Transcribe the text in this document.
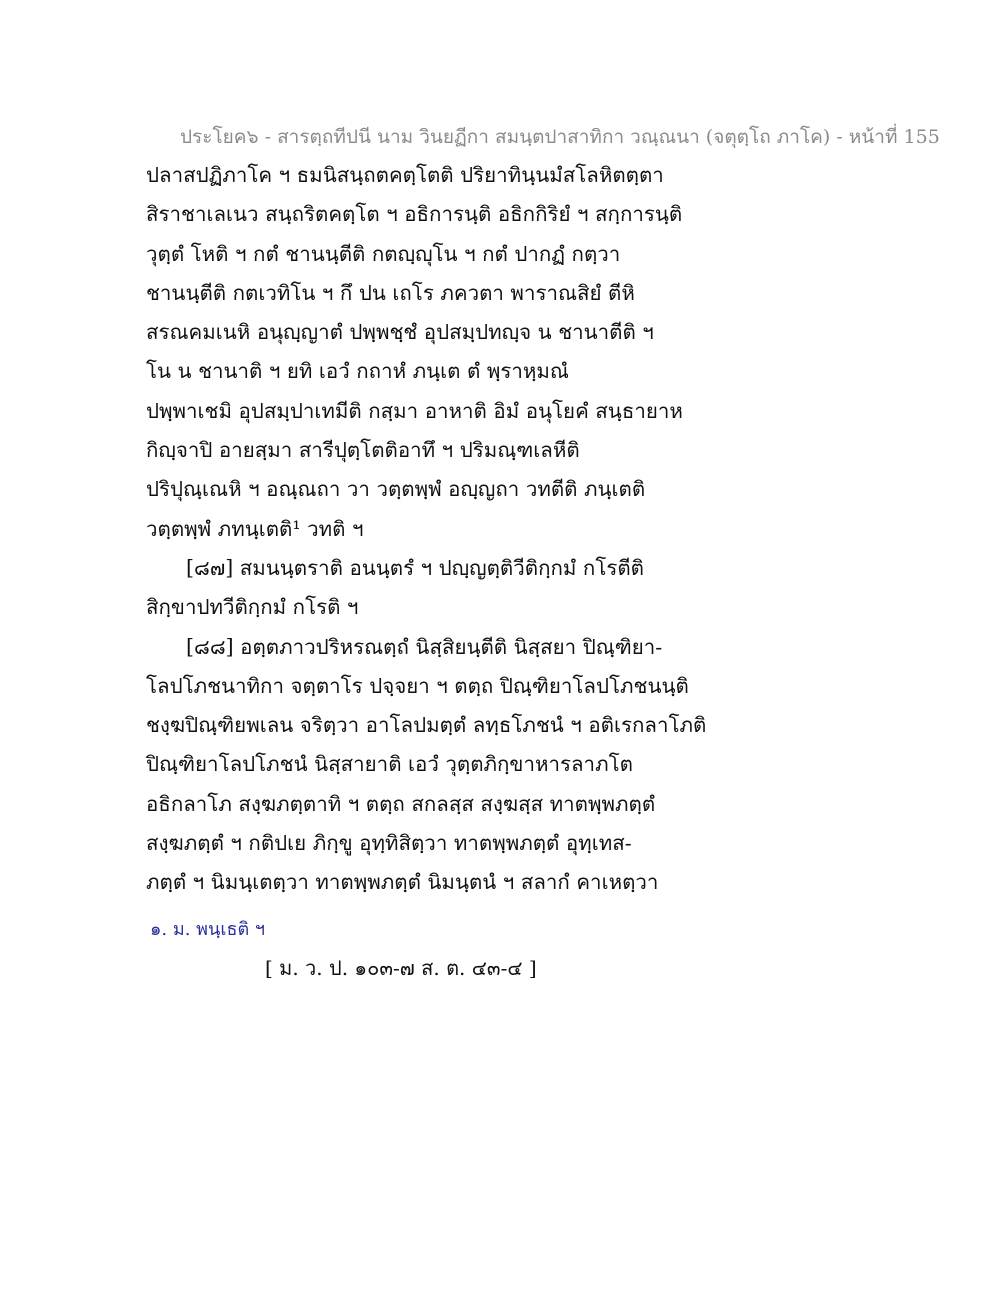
ประโยค๖ - สารตฺถทีปนี นาม วินยฏีกา สมนฺตปาสาทิกา วณฺณนา (จตุตฺโถ ภาโค) - หน้าที่ 155
ปลาสปฏิภาโค ฯ ธมนิสนฺถตคตฺโตติ ปริยาทินฺนมํสโลหิตตฺตา
สิราชาเลเนว สนฺถริตคตฺโต ฯ อธิการนฺติ อธิกกิริยํ ฯ สกฺการนฺติ
วุตฺตํ โหติ ฯ กตํ ชานนฺตีติ กตญฺญุโน ฯ กตํ ปากฏํ กตฺวา
ชานนฺตีติ กตเวทิโน ฯ กึ ปน เถโร ภควตา พาราณสิยํ ตีหิ
สรณคมเนหิ อนุญฺญาตํ ปพฺพชฺชํ อุปสมฺปทญฺจ น ชานาตีติ ฯ
โน น ชานาติ ฯ ยทิ เอวํ กถาหํ ภนฺเต ตํ พฺราหฺมณํ
ปพฺพาเชมิ อุปสมฺปาเทมีติ กสฺมา อาหาติ อิมํ อนุโยคํ สนฺธายาห
กิญฺจาปิ อายสฺมา สารีปุตฺโตติอาทึ ฯ ปริมณฺฑเลหีติ
ปริปุณฺเณหิ ฯ อณฺณถา วา วตฺตพฺพํ อญฺญถา วทตีติ ภนฺเตติ
วตฺตพฺพํ ภทนฺเตติ¹ วทติ ฯ
[๘๗] สมนนฺตราติ อนนฺตรํ ฯ ปญฺญตฺติวีติกฺกมํ กโรตีติ
สิกฺขาปทวีติกฺกมํ กโรติ ฯ
[๘๘] อตฺตภาวปริหรณตฺถํ นิสฺสิยนฺตีติ นิสฺสยา ปิณฺฑิยา-
โลปโภชนาทิกา จตฺตาโร ปจฺจยา ฯ ตตฺถ ปิณฺฑิยาโลปโภชนนฺติ
ชงฺฆปิณฺฑิยพเลน จริตฺวา อาโลปมตฺตํ ลทฺธโภชนํ ฯ อติเรกลาโภติ
ปิณฺฑิยาโลปโภชนํ นิสฺสายาติ เอวํ วุตฺตภิกฺขาหารลาภโต
อธิกลาโภ สงฺฆภตฺตาทิ ฯ ตตฺถ สกลสฺส สงฺฆสฺส ทาตพฺพภตฺตํ
สงฺฆภตฺตํ ฯ กติปเย ภิกฺขู อุทฺทิสิตฺวา ทาตพฺพภตฺตํ อุทฺเทส-
ภตฺตํ ฯ นิมนฺเตตฺวา ทาตพฺพภตฺตํ นิมนฺตนํ ฯ สลากํ คาเหตฺวา
๑. ม. พนฺเธติ ฯ
[ ม. ว. ป. ๑๐๓-๗ ส. ต. ๔๓-๔ ]
